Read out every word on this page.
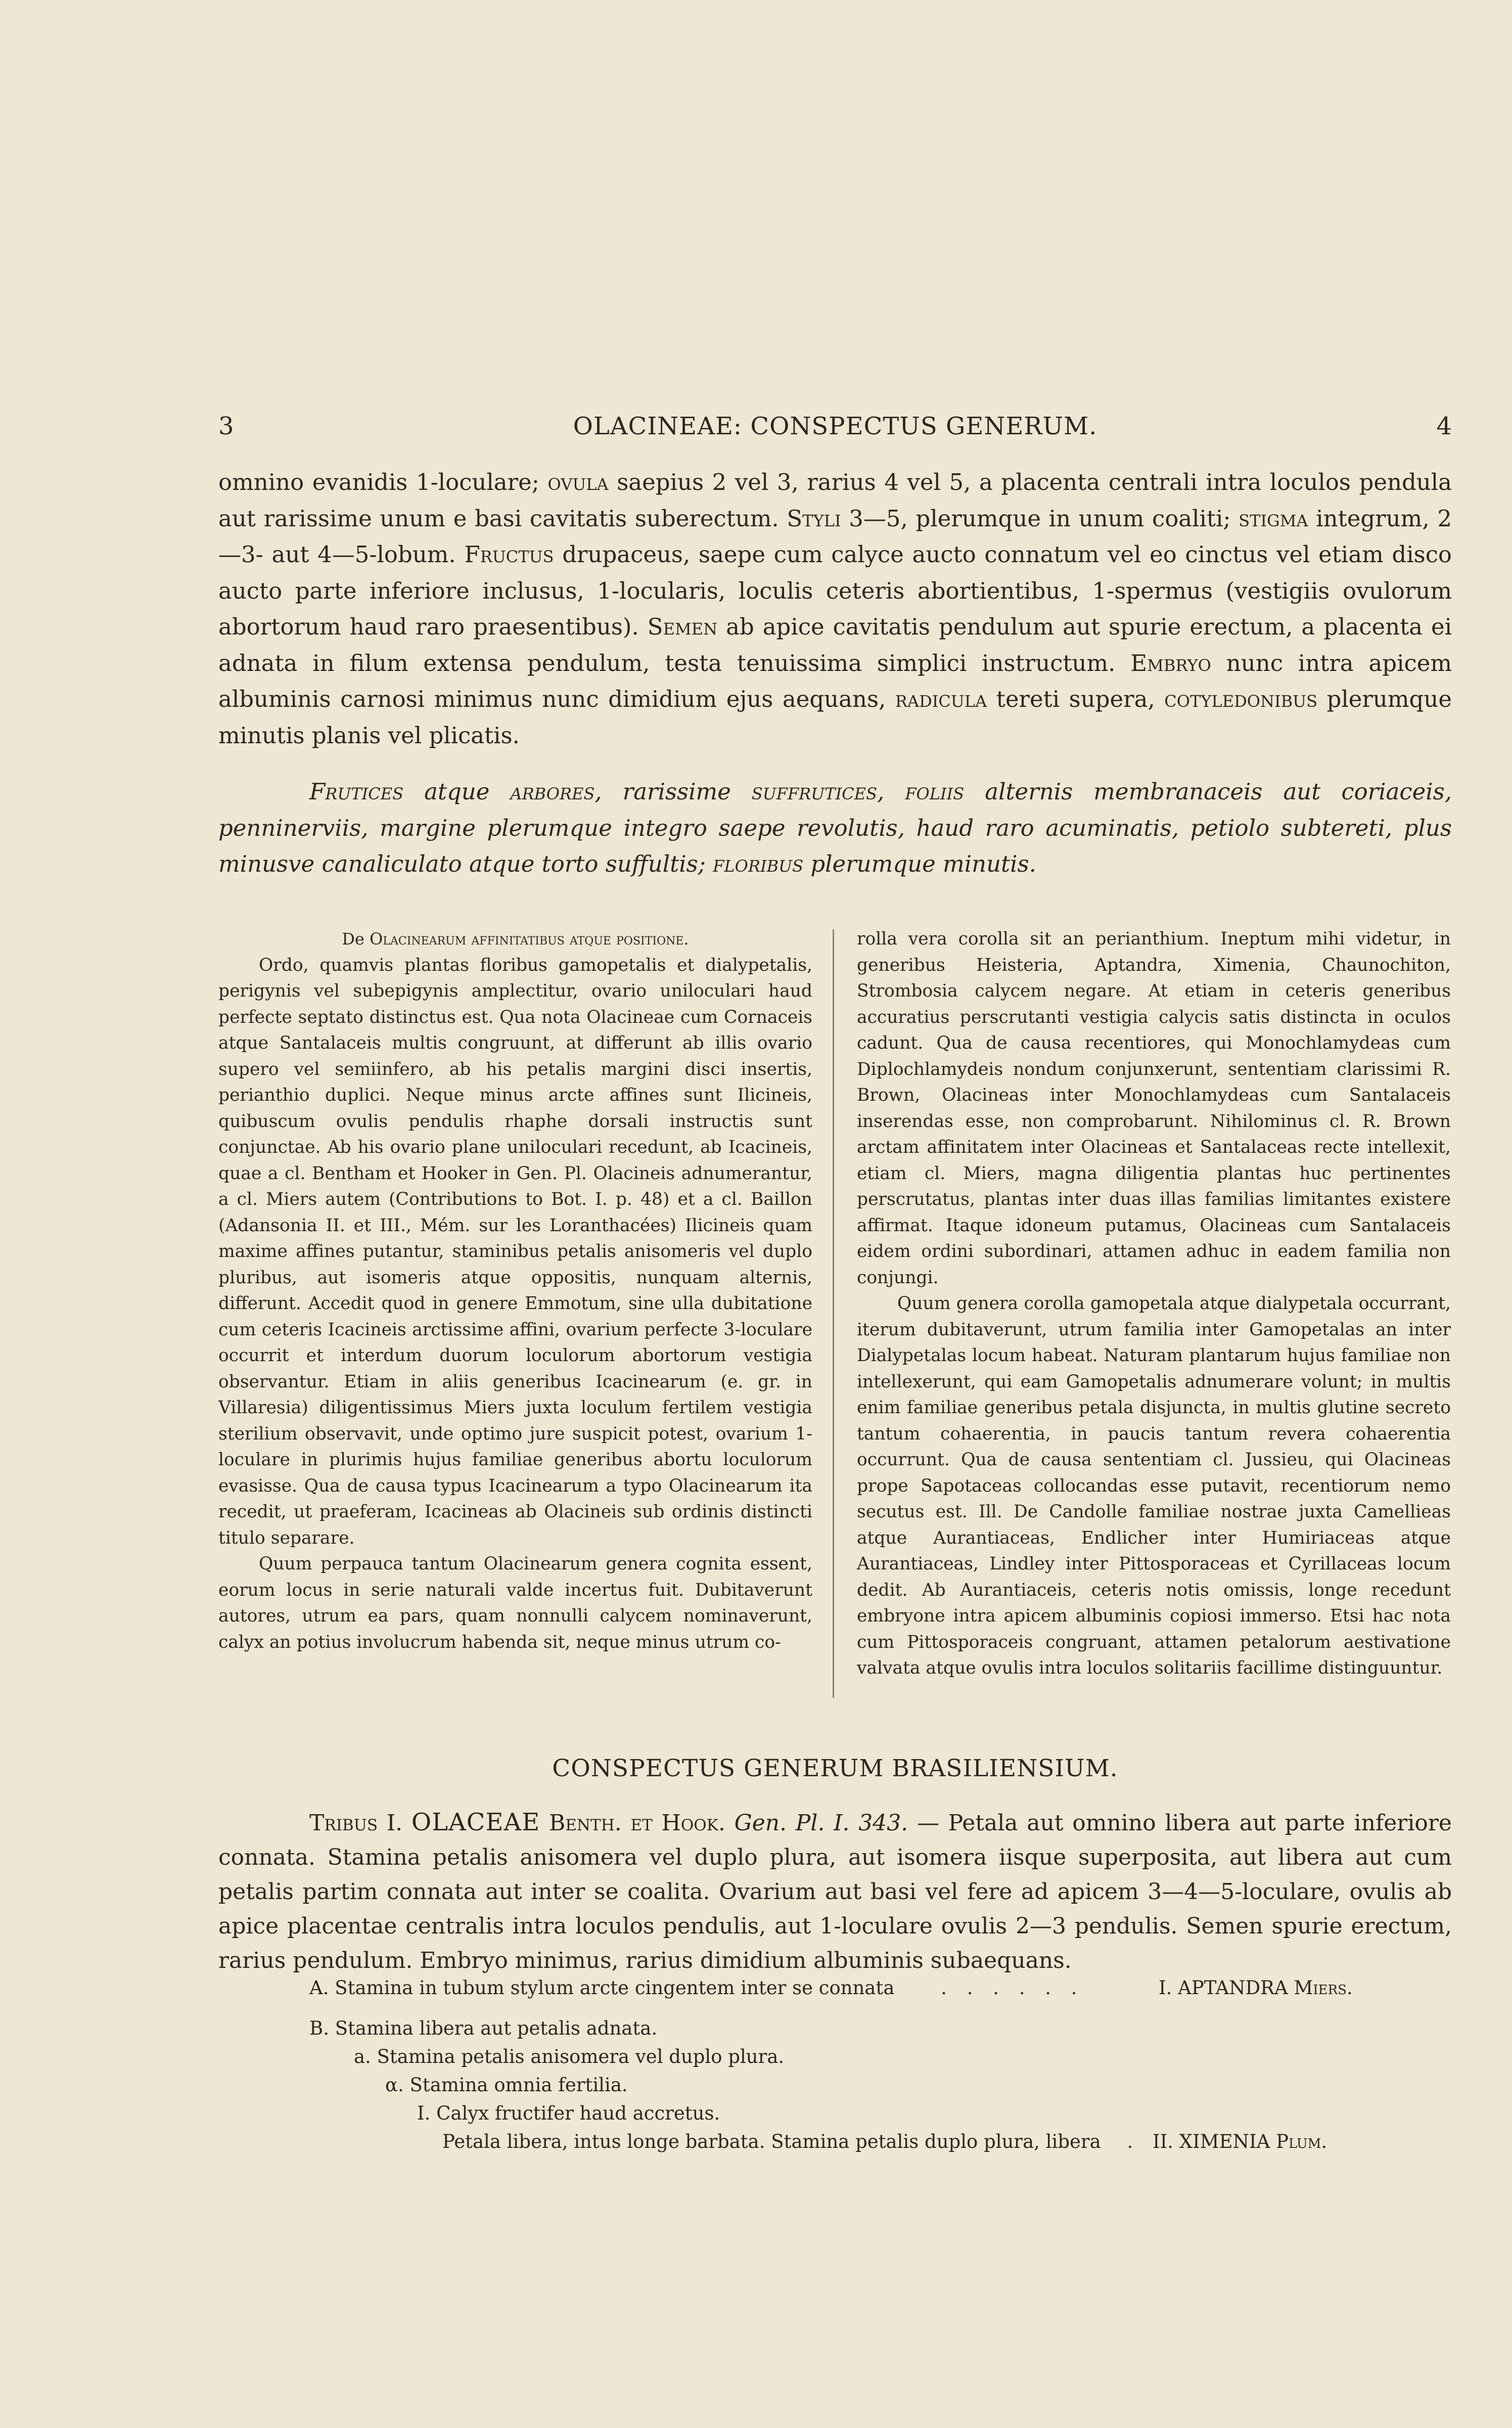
3	OLACINEAE: CONSPECTUS GENERUM.	4

omnino evanidis 1-loculare; ovula saepius 2 vel 3, rarius 4 vel 5, a placenta centrali intra loculos pendula aut rarissime unum e basi cavitatis suberectum. Styli 3—5, plerumque in unum coaliti; stigma integrum, 2—3- aut 4—5-lobum. Fructus drupaceus, saepe cum calyce aucto connatum vel eo cinctus vel etiam disco aucto parte inferiore inclusus, 1-locularis, loculis ceteris abortientibus, 1-spermus (vestigiis ovulorum abortorum haud raro praesentibus). Semen ab apice cavitatis pendulum aut spurie erectum, a placenta ei adnata in filum extensa pendulum, testa tenuissima simplici instructum. Embryo nunc intra apicem albuminis carnosi minimus nunc dimidium ejus aequans, radicula tereti supera, cotyledonibus plerumque minutis planis vel plicatis.

Frutices atque arbores, rarissime suffrutices, foliis alternis membranaceis aut coriaceis, penninerviis, margine plerumque integro saepe revolutis, haud raro acuminatis, petiolo subtereti, plus minusve canaliculato atque torto suffultis; floribus plerumque minutis.

De Olacinearum affinitatibus atque positione.

Ordo, quamvis plantas floribus gamopetalis et dialypetalis, perigynis vel subepigynis amplectitur, ovario uniloculari haud perfecte septato distinctus est. Qua nota Olacineae cum Cornaceis atque Santalaceis multis congruunt, at differunt ab illis ovario supero vel semiinfero, ab his petalis margini disci insertis, perianthio duplici. Neque minus arcte affines sunt Ilicineis, quibuscum ovulis pendulis rhaphe dorsali instructis sunt conjunctae. Ab his ovario plane uniloculari recedunt, ab Icacineis, quae a cl. Bentham et Hooker in Gen. Pl. Olacineis adnumerantur, a cl. Miers autem (Contributions to Bot. I. p. 48) et a cl. Baillon (Adansonia II. et III., Mém. sur les Loranthacées) Ilicineis quam maxime affines putantur, staminibus petalis anisomeris vel duplo pluribus, aut isomeris atque oppositis, nunquam alternis, differunt. Accedit quod in genere Emmotum, sine ulla dubitatione cum ceteris Icacineis arctissime affini, ovarium perfecte 3-loculare occurrit et interdum duorum loculorum abortorum vestigia observantur. Etiam in aliis generibus Icacinearum (e. gr. in Villaresia) diligentissimus Miers juxta loculum fertilem vestigia sterilium observavit, unde optimo jure suspicit potest, ovarium 1-loculare in plurimis hujus familiae generibus abortu loculorum evasisse. Qua de causa typus Icacinearum a typo Olacinearum ita recedit, ut praeferam, Icacineas ab Olacineis sub ordinis distincti titulo separare.

Quum perpauca tantum Olacinearum genera cognita essent, eorum locus in serie naturali valde incertus fuit. Dubitaverunt autores, utrum ea pars, quam nonnulli calycem nominaverunt, calyx an potius involucrum habenda sit, neque minus utrum co-

rolla vera corolla sit an perianthium. Ineptum mihi videtur, in generibus Heisteria, Aptandra, Ximenia, Chaunochiton, Strombosia calycem negare. At etiam in ceteris generibus accuratius perscrutanti vestigia calycis satis distincta in oculos cadunt. Qua de causa recentiores, qui Monochlamydeas cum Diplochlamydeis nondum conjunxerunt, sententiam clarissimi R. Brown, Olacineas inter Monochlamydeas cum Santalaceis inserendas esse, non comprobarunt. Nihilominus cl. R. Brown arctam affinitatem inter Olacineas et Santalaceas recte intellexit, etiam cl. Miers, magna diligentia plantas huc pertinentes perscrutatus, plantas inter duas illas familias limitantes existere affirmat. Itaque idoneum putamus, Olacineas cum Santalaceis eidem ordini subordinari, attamen adhuc in eadem familia non conjungi.

Quum genera corolla gamopetala atque dialypetala occurrant, iterum dubitaverunt, utrum familia inter Gamopetalas an inter Dialypetalas locum habeat. Naturam plantarum hujus familiae non intellexerunt, qui eam Gamopetalis adnumerare volunt; in multis enim familiae generibus petala disjuncta, in multis glutine secreto tantum cohaerentia, in paucis tantum revera cohaerentia occurrunt. Qua de causa sententiam cl. Jussieu, qui Olacineas prope Sapotaceas collocandas esse putavit, recentiorum nemo secutus est. Ill. De Candolle familiae nostrae juxta Camellieas atque Aurantiaceas, Endlicher inter Humiriaceas atque Aurantiaceas, Lindley inter Pittosporaceas et Cyrillaceas locum dedit. Ab Aurantiaceis, ceteris notis omissis, longe recedunt embryone intra apicem albuminis copiosi immerso. Etsi hac nota cum Pittosporaceis congruant, attamen petalorum aestivatione valvata atque ovulis intra loculos solitariis facillime distinguuntur.

CONSPECTUS GENERUM BRASILIENSIUM.

Tribus I. OLACEAE Benth. et Hook. Gen. Pl. I. 343. — Petala aut omnino libera aut parte inferiore connata. Stamina petalis anisomera vel duplo plura, aut isomera iisque superposita, aut libera aut cum petalis partim connata aut inter se coalita. Ovarium aut basi vel fere ad apicem 3—4—5-loculare, ovulis ab apice placentae centralis intra loculos pendulis, aut 1-loculare ovulis 2—3 pendulis. Semen spurie erectum, rarius pendulum. Embryo minimus, rarius dimidium albuminis subaequans.

A. Stamina in tubum stylum arcte cingentem inter se connata . . . . . .	I. APTANDRA Miers.
B. Stamina libera aut petalis adnata.
a. Stamina petalis anisomera vel duplo plura.
α. Stamina omnia fertilia.
I. Calyx fructifer haud accretus.
Petala libera, intus longe barbata. Stamina petalis duplo plura, libera . II. XIMENIA Plum.
